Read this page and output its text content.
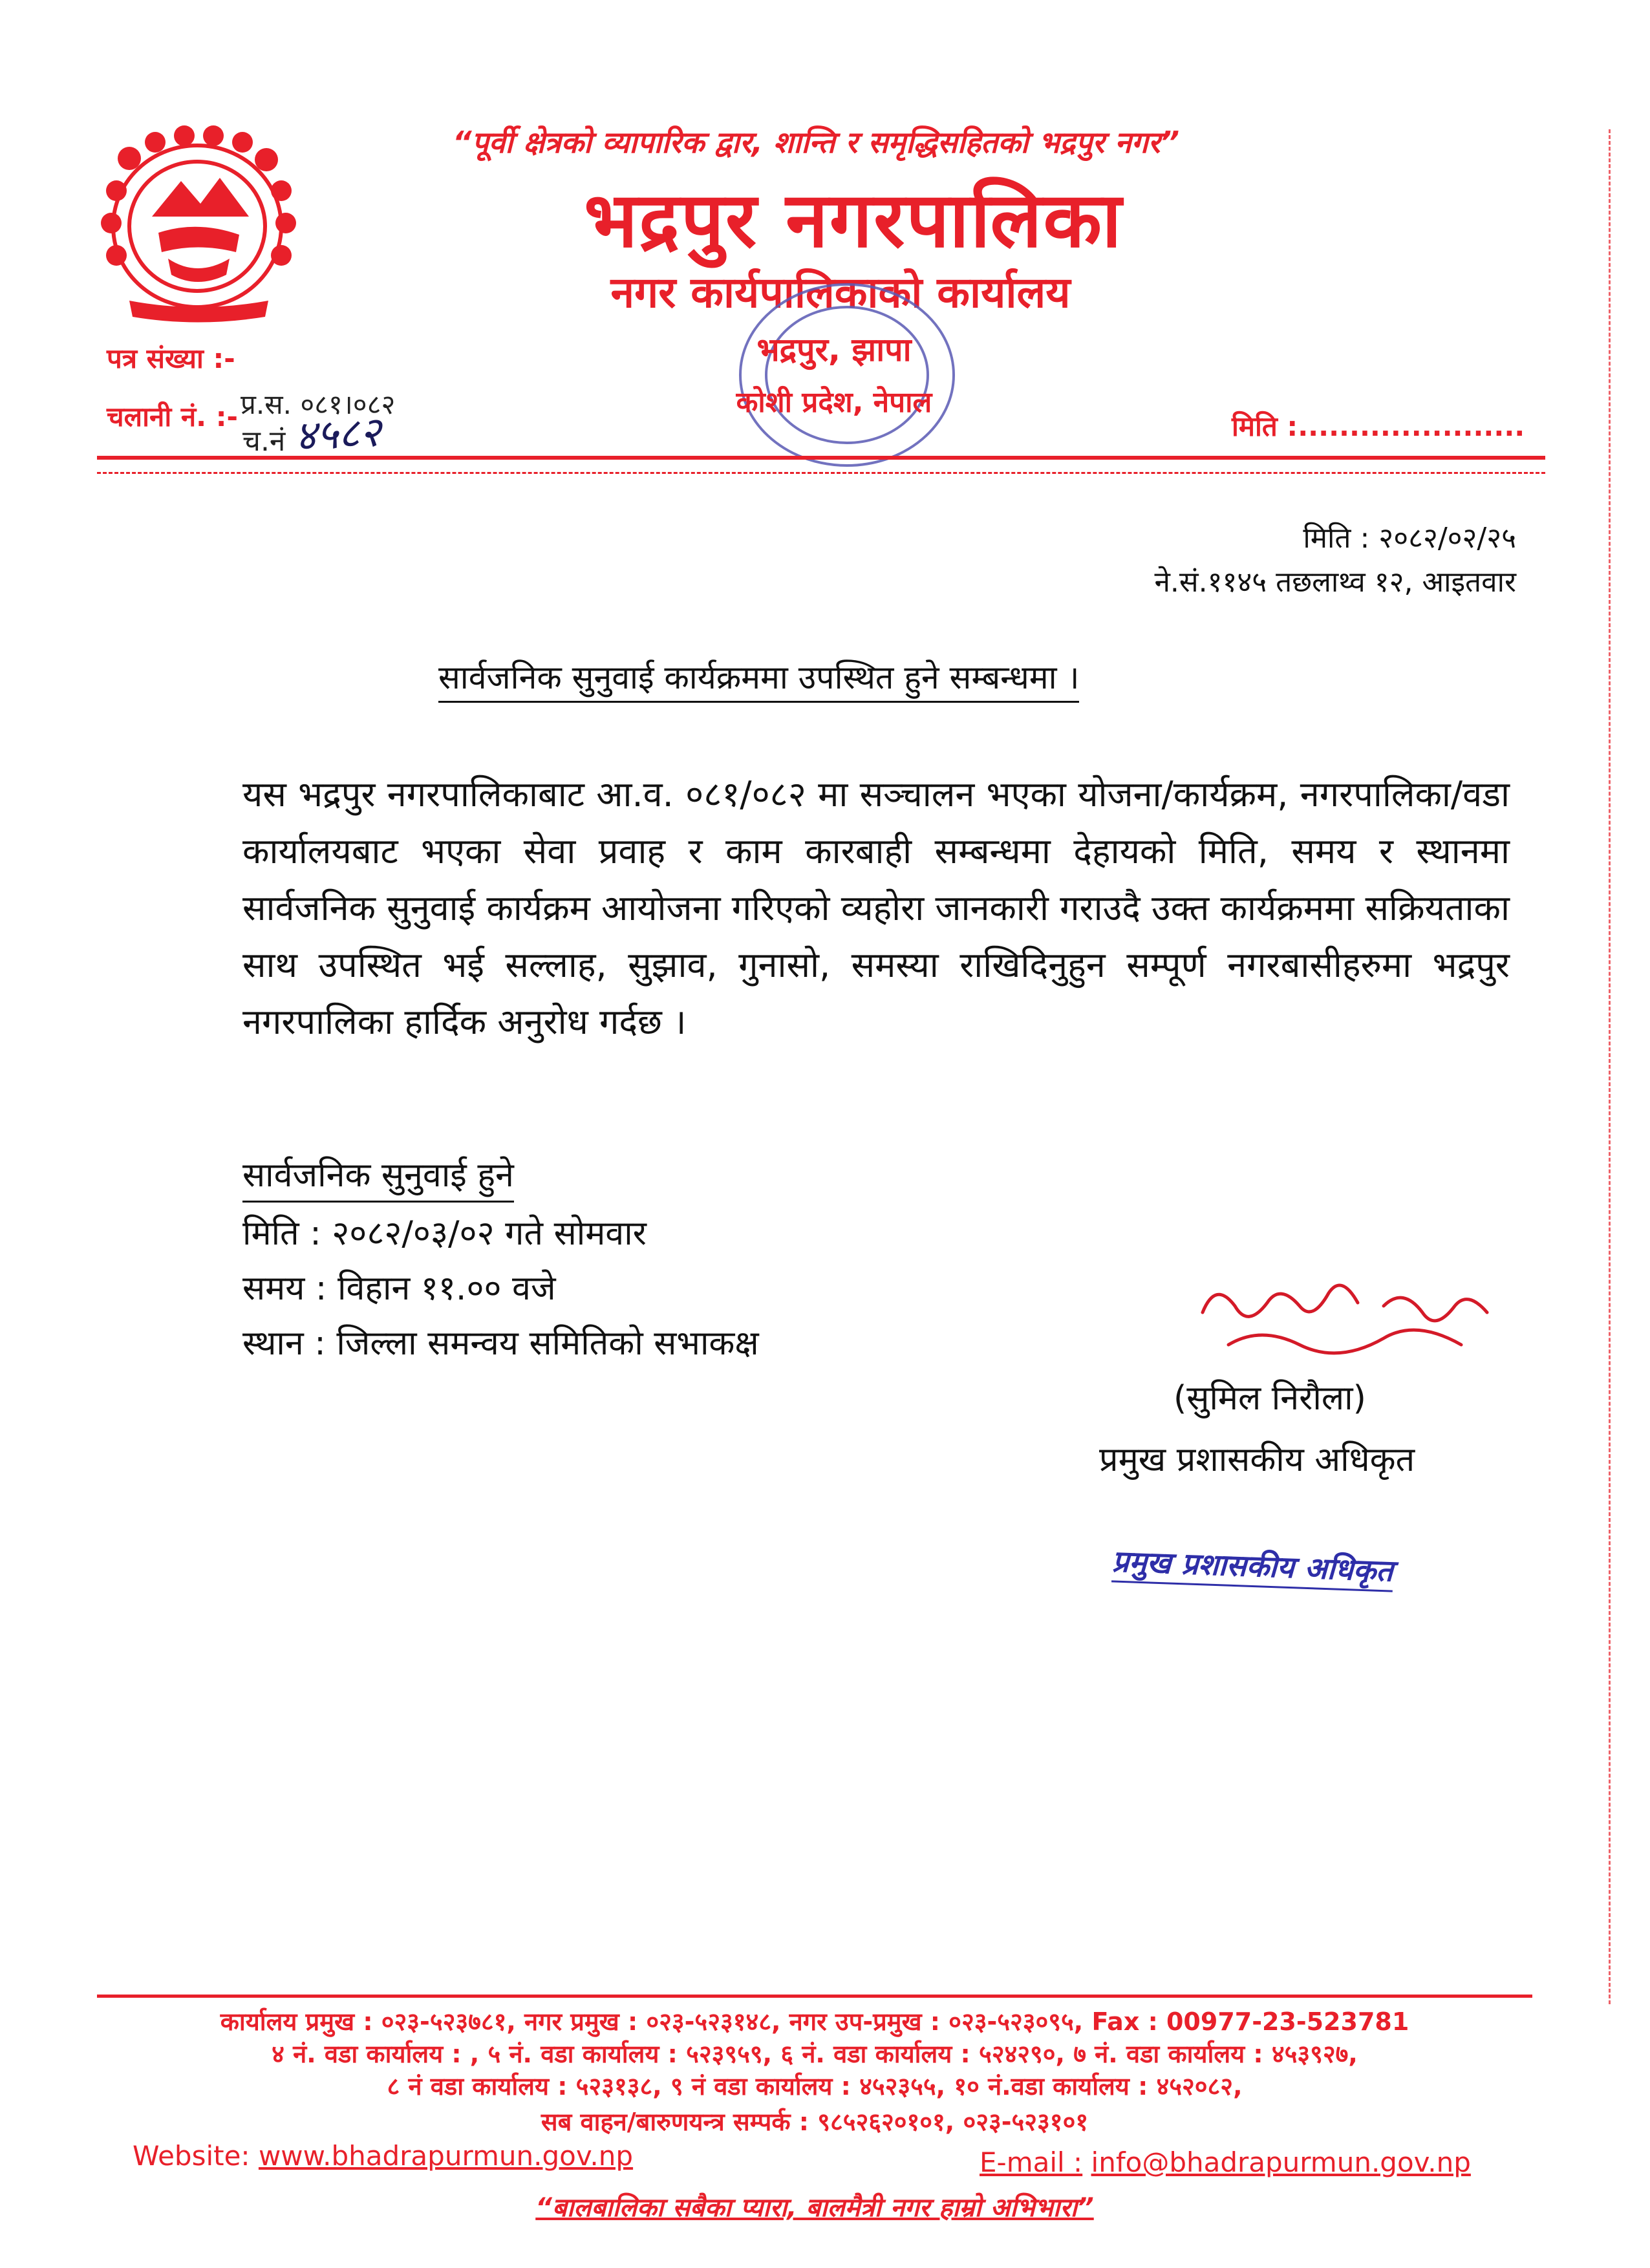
“पूर्वी क्षेत्रको व्यापारिक द्वार, शान्ति र समृद्धिसहितको भद्रपुर नगर”
भद्रपुर नगरपालिका
नगर कार्यपालिकाको कार्यालय
भद्रपुर, झापा
कोशी प्रदेश, नेपाल
पत्र संख्या :-
चलानी नं. :- प्र.स. ०८१।०८२
च.नं ४५८२	मिति :......................
मिति : २०८२/०२/२५
ने.सं.११४५ तछलाथ्व १२, आइतवार
सार्वजनिक सुनुवाई कार्यक्रममा उपस्थित हुने सम्बन्धमा ।
यस भद्रपुर नगरपालिकाबाट आ.व. ०८१/०८२ मा सञ्चालन भएका योजना/कार्यक्रम, नगरपालिका/वडा कार्यालयबाट भएका सेवा प्रवाह र काम कारबाही सम्बन्धमा देहायको मिति, समय र स्थानमा सार्वजनिक सुनुवाई कार्यक्रम आयोजना गरिएको व्यहोरा जानकारी गराउदै उक्त कार्यक्रममा सक्रियताका साथ उपस्थित भई सल्लाह, सुझाव, गुनासो, समस्या राखिदिनुहुन सम्पूर्ण नगरबासीहरुमा भद्रपुर नगरपालिका हार्दिक अनुरोध गर्दछ ।
सार्वजनिक सुनुवाई हुने
मिति : २०८२/०३/०२ गते सोमवार
समय : विहान ११.०० वजे
स्थान : जिल्ला समन्वय समितिको सभाकक्ष
(सुमिल निरौला)
प्रमुख प्रशासकीय अधिकृत
प्रमुख प्रशासकीय अधिकृत
कार्यालय प्रमुख : ०२३-५२३७८१, नगर प्रमुख : ०२३-५२३१४८, नगर उप-प्रमुख : ०२३-५२३०९५, Fax : 00977-23-523781
४ नं. वडा कार्यालय : , ५ नं. वडा कार्यालय : ५२३९५९, ६ नं. वडा कार्यालय : ५२४२९०, ७ नं. वडा कार्यालय : ४५३९२७,
८ नं वडा कार्यालय : ५२३१३८, ९ नं वडा कार्यालय : ४५२३५५, १० नं.वडा कार्यालय : ४५२०८२,
सब वाहन/बारुणयन्त्र सम्पर्क : ९८५२६२०१०१, ०२३-५२३१०१
Website: www.bhadrapurmun.gov.np	E-mail : info@bhadrapurmun.gov.np
“बालबालिका सबैका प्यारा, बालमैत्री नगर हाम्रो अभिभारा”
